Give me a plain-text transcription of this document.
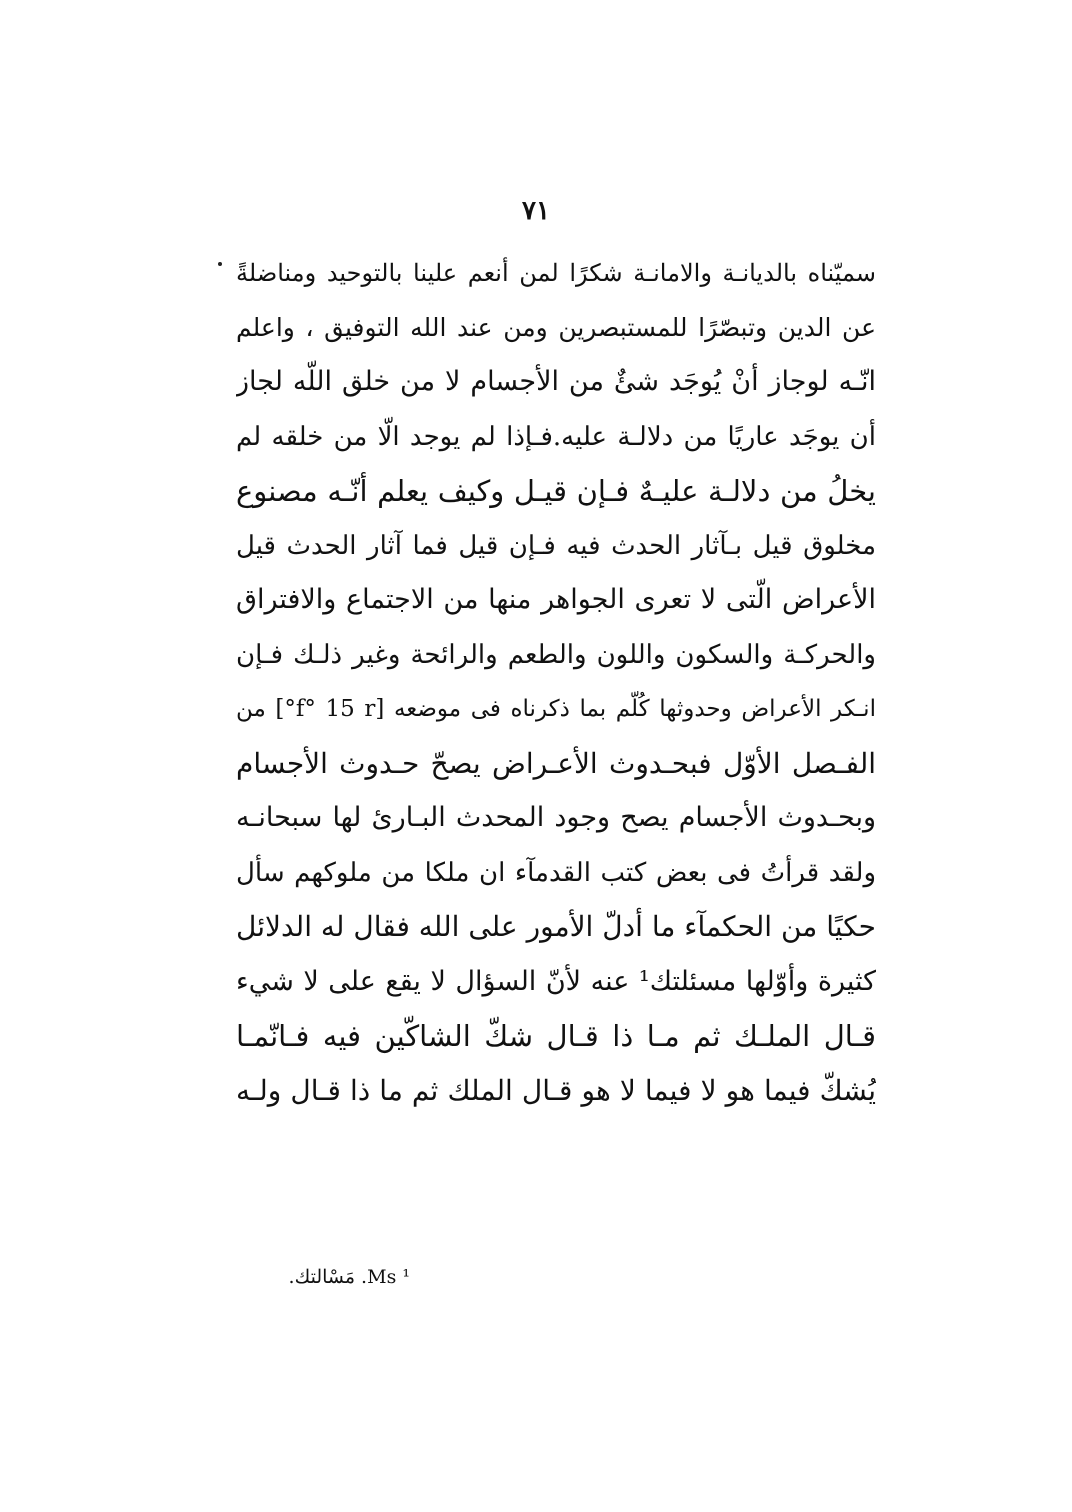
٧١
سميّناه بالديانـة والامانـة شكرًا لمن أنعم علينا بالتوحيد ومناضلةً
عن الدين وتبصّرًا للمستبصرين ومن عند الله التوفيق ، واعلم
انّـه لوجاز أنْ يُوجَد شئٌ من الأجسام لا من خلق اللّه لجاز
أن يوجَد عاريًا من دلالـة عليه.فـإذا لم يوجد الّا من خلقه لم
يخلُ من دلالـة عليـهٌ فـإن قيـل وكيف يعلم أنّـه مصنوع
مخلوق قيل بـآثار الحدث فيه فـإن قيل فما آثار الحدث قيل
الأعراض الّتى لا تعرى الجواهر منها من الاجتماع والافتراق
والحركـة والسكون واللون والطعم والرائحة وغير ذلـك فـإن
انـكر الأعراض وحدوثها كُلّم بما ذكرناه فى موضعه [f° 15 r°] من
الفـصل الأوّل فبحـدوث الأعـراض يصحّ حـدوث الأجسام
وبحـدوث الأجسام يصح وجود المحدث البـارئ لها سبحانـه
ولقد قرأتُ فى بعض كتب القدمآء ان ملكا من ملوكهم سأل
حكيًا من الحكمآء ما أدلّ الأمور على الله فقال له الدلائل
كثيرة وأوّلها مسئلتك¹ عنه لأنّ السؤال لا يقع على لا شيء
قـال الملـك ثم مـا ذا قـال شكّ الشاكّين فيه فـانّمـا
يُشكّ فيما هو لا فيما لا هو قـال الملك ثم ما ذا قـال ولـه
¹ Ms. مَسْالتك.
